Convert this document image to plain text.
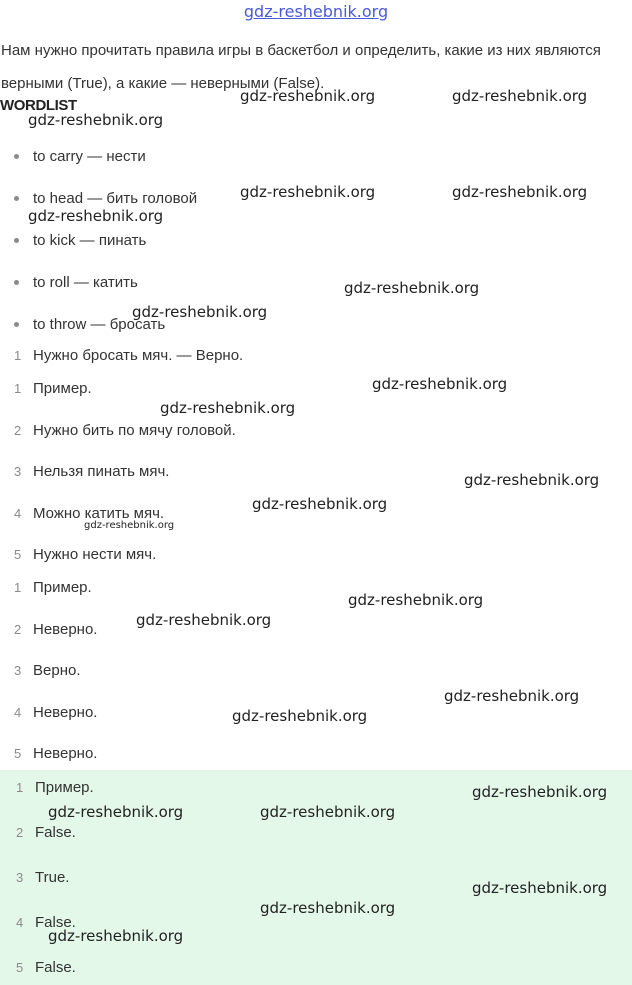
gdz-reshebnik.org
Нам нужно прочитать правила игры в баскетбол и определить, какие из них являются верными (True), а какие — неверными (False).
WORDLIST
to carry — нести
to head — бить головой
to kick — пинать
to roll — катить
to throw — бросать
1 Нужно бросать мяч. — Верно.
1 Пример.
2 Нужно бить по мячу головой.
3 Нельзя пинать мяч.
4 Можно катить мяч.
5 Нужно нести мяч.
1 Пример.
2 Неверно.
3 Верно.
4 Неверно.
5 Неверно.
1 Пример.
2 False.
3 True.
4 False.
5 False.
gdz-reshebnik.org	gdz-reshebnik.org
gdz-reshebnik.org
gdz-reshebnik.org	gdz-reshebnik.org
gdz-reshebnik.org
gdz-reshebnik.org
gdz-reshebnik.org
gdz-reshebnik.org
gdz-reshebnik.org
gdz-reshebnik.org
gdz-reshebnik.org
gdz-reshebnik.org
gdz-reshebnik.org
gdz-reshebnik.org
gdz-reshebnik.org
gdz-reshebnik.org
gdz-reshebnik.org
gdz-reshebnik.org	gdz-reshebnik.org
gdz-reshebnik.org
gdz-reshebnik.org
gdz-reshebnik.org
